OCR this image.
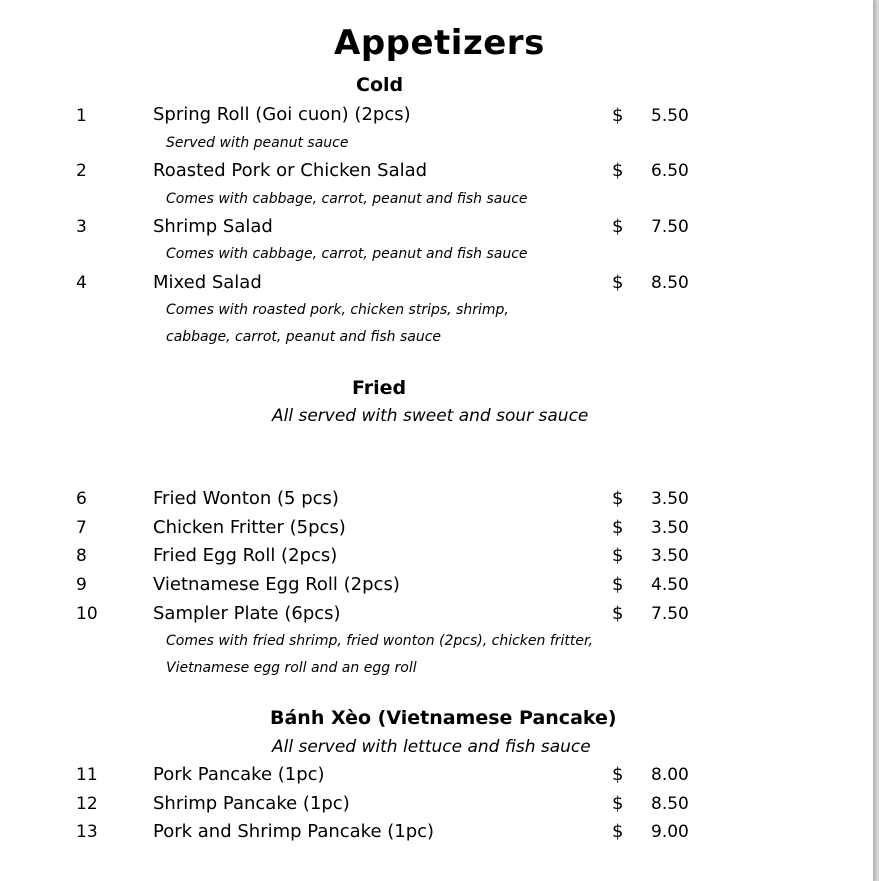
Appetizers
Cold
1	Spring Roll (Goi cuon) (2pcs)	$ 5.50
Served with peanut sauce
2	Roasted Pork or Chicken Salad	$ 6.50
Comes with cabbage, carrot, peanut and fish sauce
3	Shrimp Salad	$ 7.50
Comes with cabbage, carrot, peanut and fish sauce
4	Mixed Salad	$ 8.50
Comes with roasted pork, chicken strips, shrimp,
cabbage, carrot, peanut and fish sauce
Fried
All served with sweet and sour sauce
6	Fried Wonton (5 pcs)	$ 3.50
7	Chicken Fritter (5pcs)	$ 3.50
8	Fried Egg Roll (2pcs)	$ 3.50
9	Vietnamese Egg Roll (2pcs)	$ 4.50
10	Sampler Plate (6pcs)	$ 7.50
Comes with fried shrimp, fried wonton (2pcs), chicken fritter,
Vietnamese egg roll and an egg roll
Bánh Xèo (Vietnamese Pancake)
All served with lettuce and fish sauce
11	Pork Pancake (1pc)	$ 8.00
12	Shrimp Pancake (1pc)	$ 8.50
13	Pork and Shrimp Pancake (1pc)	$ 9.00
